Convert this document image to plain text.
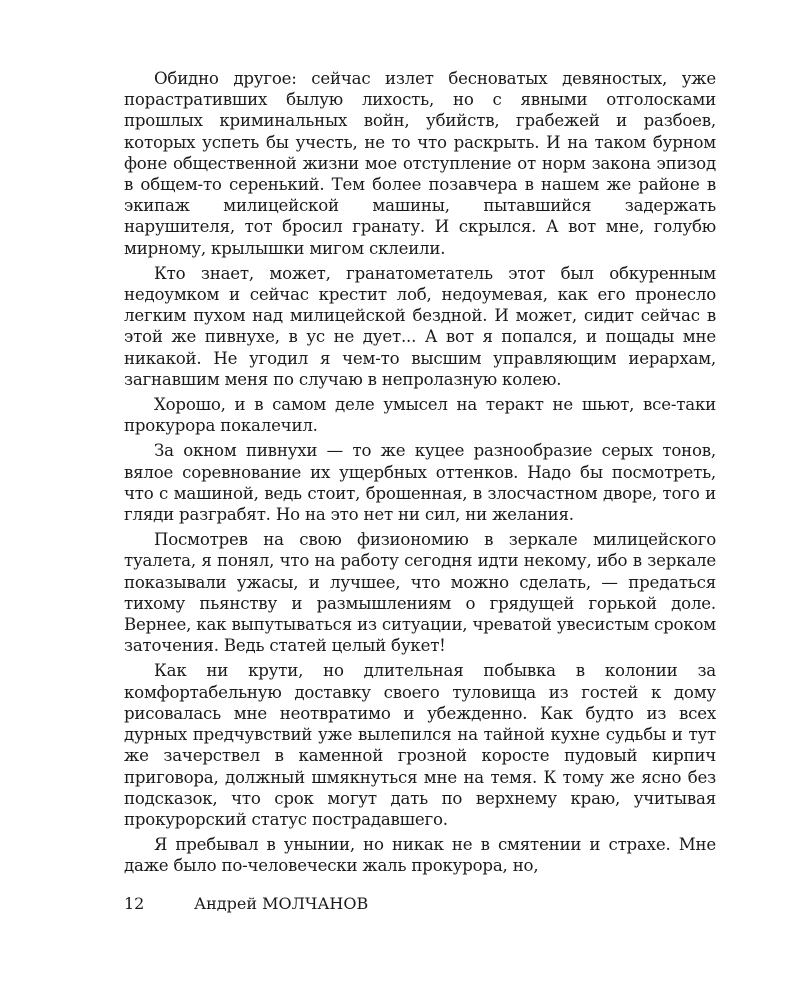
Обидно другое: сейчас излет бесноватых девяностых, уже порастративших былую лихость, но с явными отголосками прошлых криминальных войн, убийств, грабежей и разбоев, которых успеть бы учесть, не то что раскрыть. И на таком бурном фоне общественной жизни мое отступление от норм закона эпизод в общем-то серенький. Тем более позавчера в нашем же районе в экипаж милицейской машины, пытавшийся задержать нарушителя, тот бросил гранату. И скрылся. А вот мне, голубю мирному, крылышки мигом склеили.

Кто знает, может, гранатометатель этот был обкуренным недоумком и сейчас крестит лоб, недоумевая, как его пронесло легким пухом над милицейской бездной. И может, сидит сейчас в этой же пивнухе, в ус не дует... А вот я попался, и пощады мне никакой. Не угодил я чем-то высшим управляющим иерархам, загнавшим меня по случаю в непролазную колею.

Хорошо, и в самом деле умысел на теракт не шьют, все-таки прокурора покалечил.

За окном пивнухи — то же куцее разнообразие серых тонов, вялое соревнование их ущербных оттенков. Надо бы посмотреть, что с машиной, ведь стоит, брошенная, в злосчастном дворе, того и гляди разграбят. Но на это нет ни сил, ни желания.

Посмотрев на свою физиономию в зеркале милицейского туалета, я понял, что на работу сегодня идти некому, ибо в зеркале показывали ужасы, и лучшее, что можно сделать, — предаться тихому пьянству и размышлениям о грядущей горькой доле. Вернее, как выпутываться из ситуации, чреватой увесистым сроком заточения. Ведь статей целый букет!

Как ни крути, но длительная побывка в колонии за комфортабельную доставку своего туловища из гостей к дому рисовалась мне неотвратимо и убежденно. Как будто из всех дурных предчувствий уже вылепился на тайной кухне судьбы и тут же зачерствел в каменной грозной коросте пудовый кирпич приговора, должный шмякнуться мне на темя. К тому же ясно без подсказок, что срок могут дать по верхнему краю, учитывая прокурорский статус пострадавшего.

Я пребывал в унынии, но никак не в смятении и страхе. Мне даже было по-человечески жаль прокурора, но,

12	Андрей МОЛЧАНОВ
